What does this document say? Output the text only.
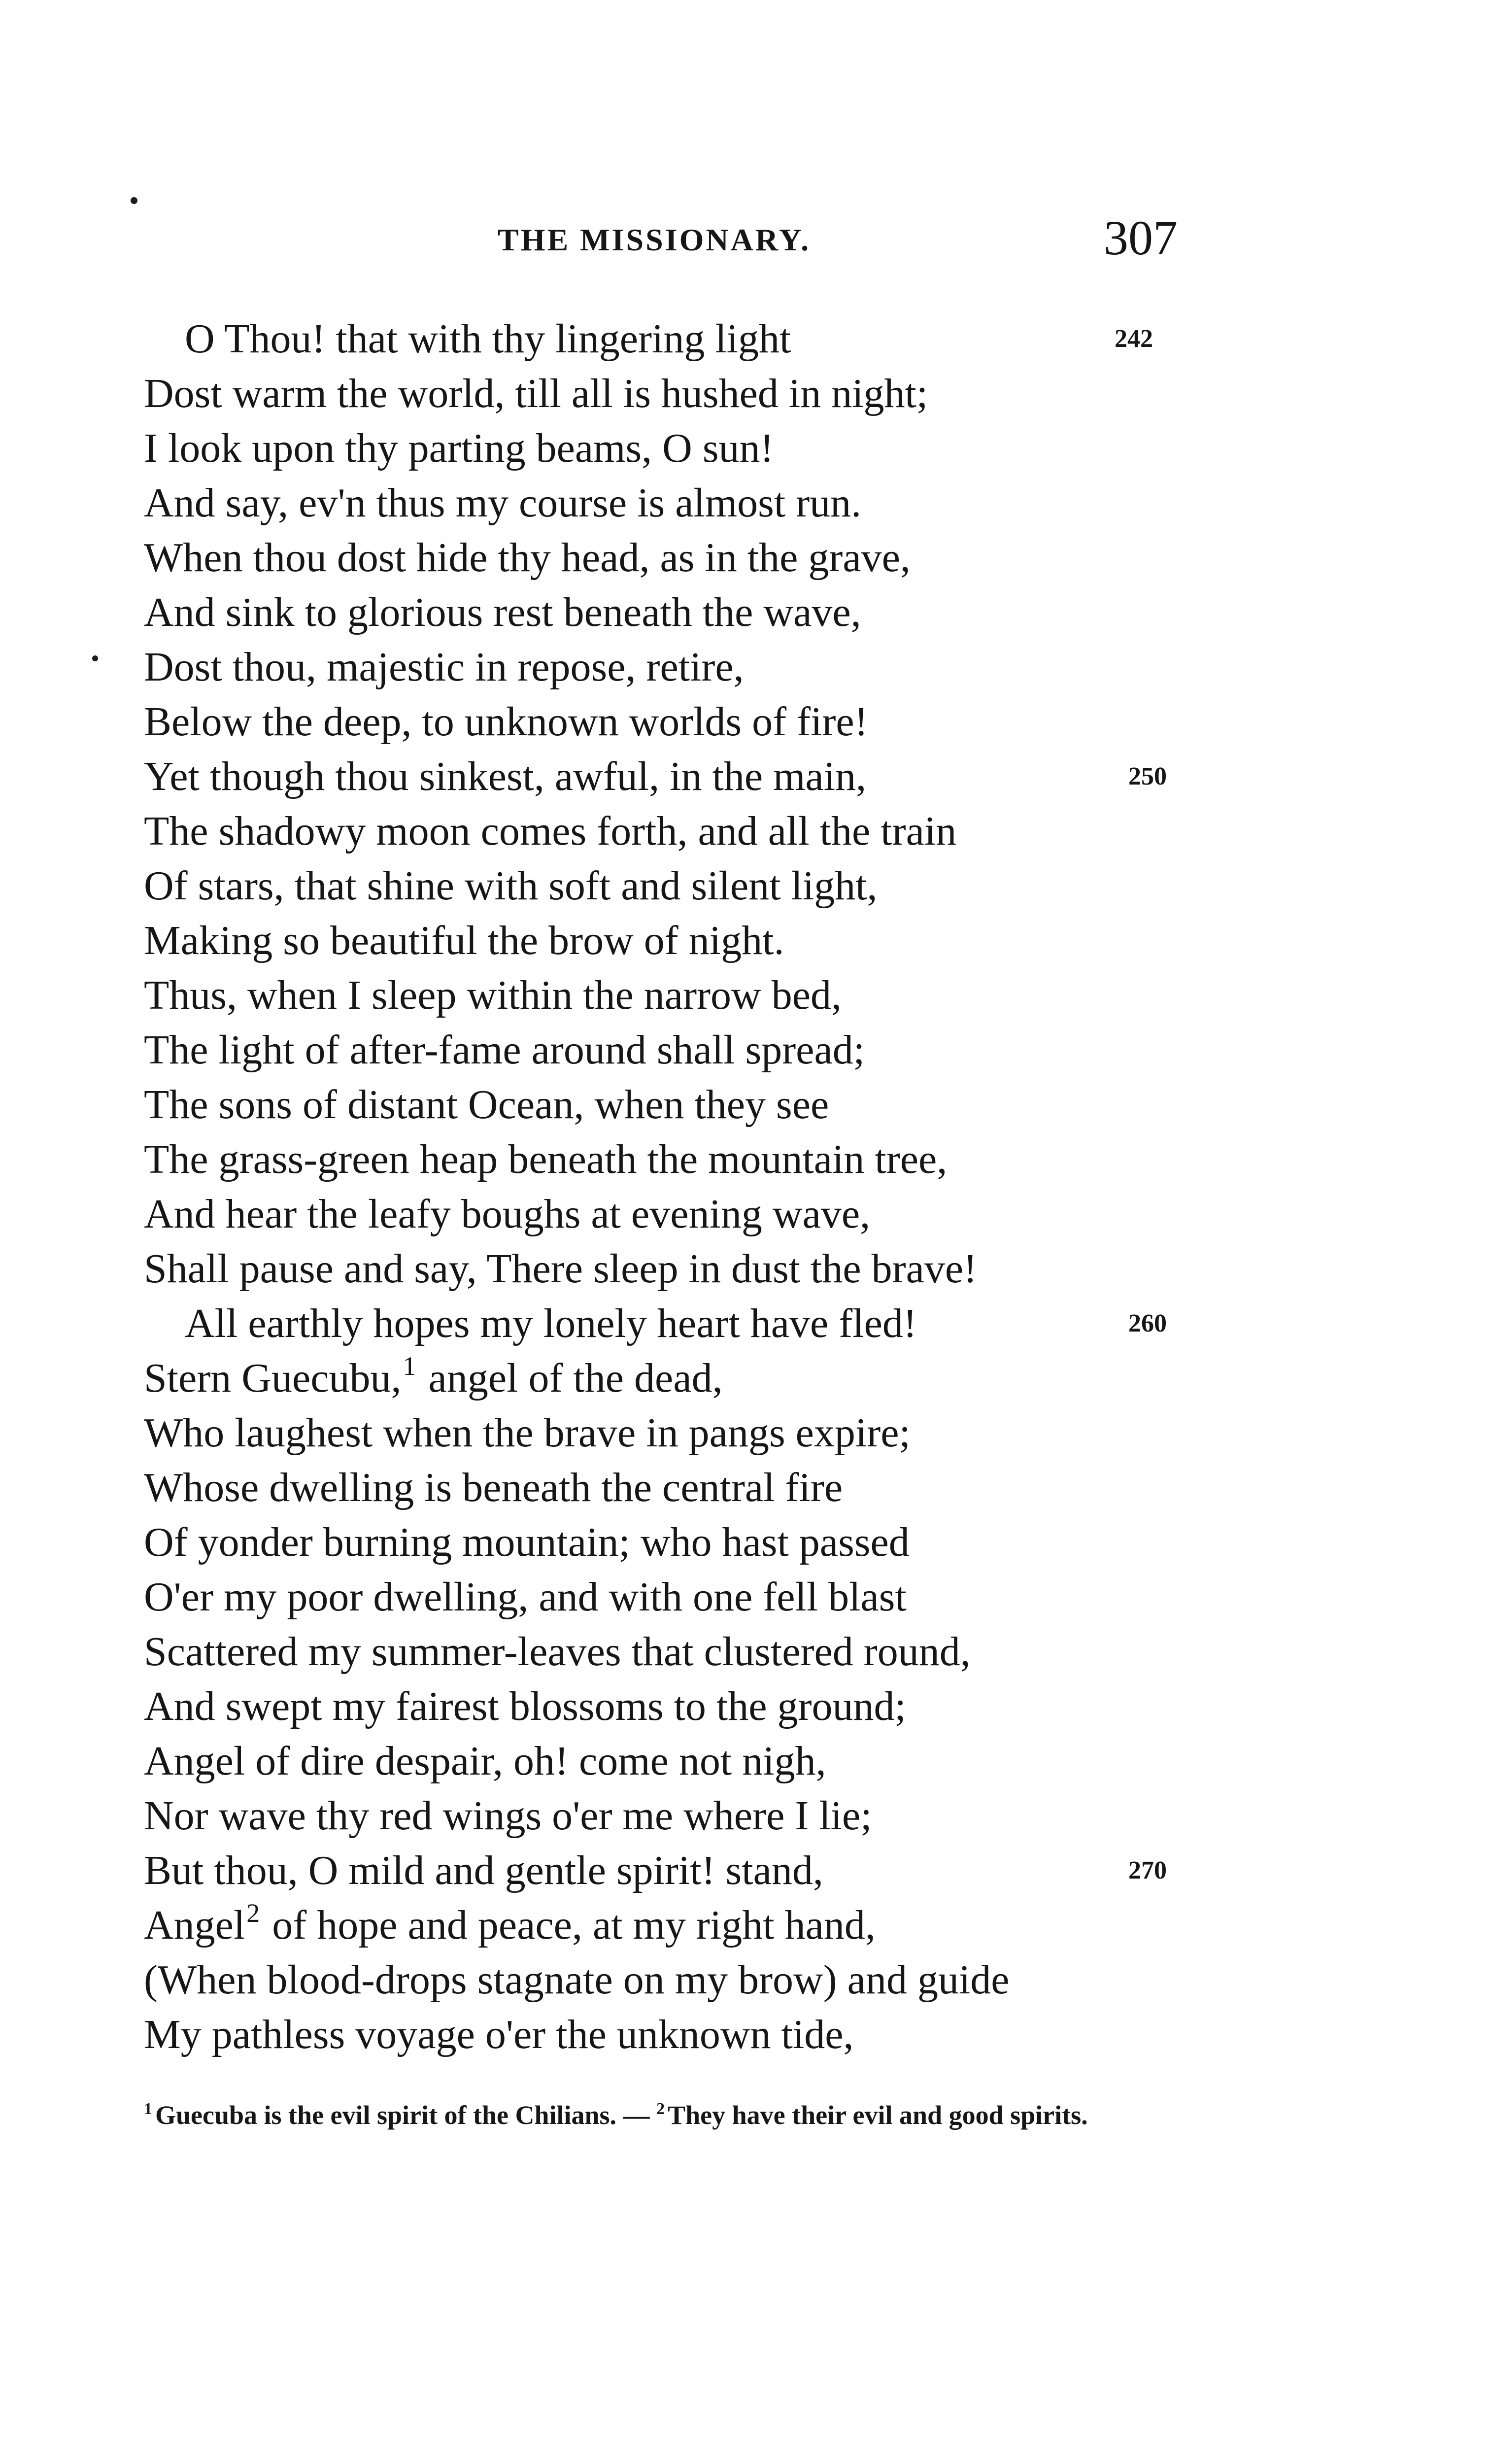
THE MISSIONARY.	307
O Thou! that with thy lingering light	242
Dost warm the world, till all is hushed in night;
I look upon thy parting beams, O sun!
And say, ev'n thus my course is almost run.
When thou dost hide thy head, as in the grave,
And sink to glorious rest beneath the wave,
Dost thou, majestic in repose, retire,
Below the deep, to unknown worlds of fire!
Yet though thou sinkest, awful, in the main,	250
The shadowy moon comes forth, and all the train
Of stars, that shine with soft and silent light,
Making so beautiful the brow of night.
Thus, when I sleep within the narrow bed,
The light of after-fame around shall spread;
The sons of distant Ocean, when they see
The grass-green heap beneath the mountain tree,
And hear the leafy boughs at evening wave,
Shall pause and say, There sleep in dust the brave!
All earthly hopes my lonely heart have fled!	260
Stern Guecubu,$^1$ angel of the dead,
Who laughest when the brave in pangs expire;
Whose dwelling is beneath the central fire
Of yonder burning mountain; who hast passed
O'er my poor dwelling, and with one fell blast
Scattered my summer-leaves that clustered round,
And swept my fairest blossoms to the ground;
Angel of dire despair, oh! come not nigh,
Nor wave thy red wings o'er me where I lie;
But thou, O mild and gentle spirit! stand,	270
Angel$^2$ of hope and peace, at my right hand,
(When blood-drops stagnate on my brow) and guide
My pathless voyage o'er the unknown tide,
$^1$ Guecuba is the evil spirit of the Chilians. — $^2$ They have their evil and good spirits.
